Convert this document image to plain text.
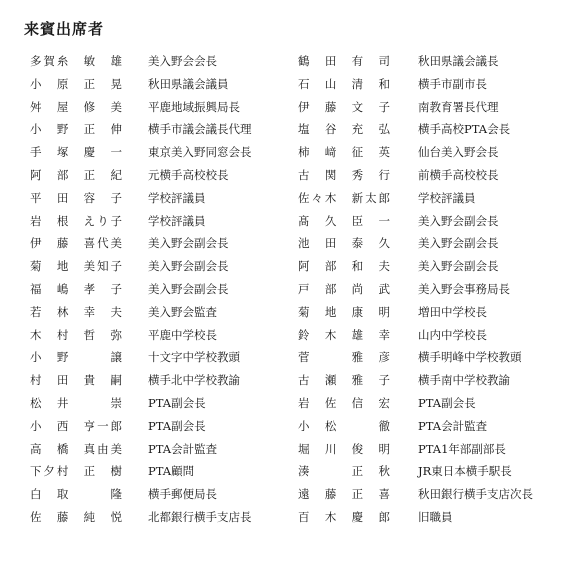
来賓出席者
多賀糸　敏　雄 美入野会会長	鶴　田　有　司 秋田県議会議長
小　原　正　晃 秋田県議会議員	石　山　清　和 横手市副市長
舛　屋　修　美 平鹿地域振興局長	伊　藤　文　子 南教育署長代理
小　野　正　伸 横手市議会議長代理	塩　谷　充　弘 横手高校PTA会長
手　塚　慶　一 東京美入野同窓会長	柿　﨑　征　英 仙台美入野会長
阿　部　正　紀 元横手高校校長	古　関　秀　行 前横手高校校長
平　田　容　子 学校評議員	佐々木　新太郎 学校評議員
岩　根　えり子 学校評議員	髙　久　臣　一 美入野会副会長
伊　藤　喜代美 美入野会副会長	池　田　泰　久 美入野会副会長
菊　地　美知子 美入野会副会長	阿　部　和　夫 美入野会副会長
福　嶋　孝　子 美入野会副会長	戸　部　尚　武 美入野会事務局長
若　林　幸　夫 美入野会監査	菊　地　康　明 増田中学校長
木　村　哲　弥 平鹿中学校長	鈴　木　雄　幸 山内中学校長
小　野　　　譲 十文字中学校教頭	菅　　　雅　彦 横手明峰中学校教頭
村　田　貴　嗣 横手北中学校教諭	古　瀬　雅　子 横手南中学校教諭
松　井　　　崇 PTA副会長	岩　佐　信　宏 PTA副会長
小　西　亨一郎 PTA副会長	小　松　　　徹 PTA会計監査
高　橋　真由美 PTA会計監査	堀　川　俊　明 PTA1年部副部長
下夕村　正　樹 PTA顧問	湊　　　正　秋 JR東日本横手駅長
白　取　　　隆 横手郵便局長	遠　藤　正　喜 秋田銀行横手支店次長
佐　藤　純　悦 北都銀行横手支店長	百　木　慶　郎 旧職員
